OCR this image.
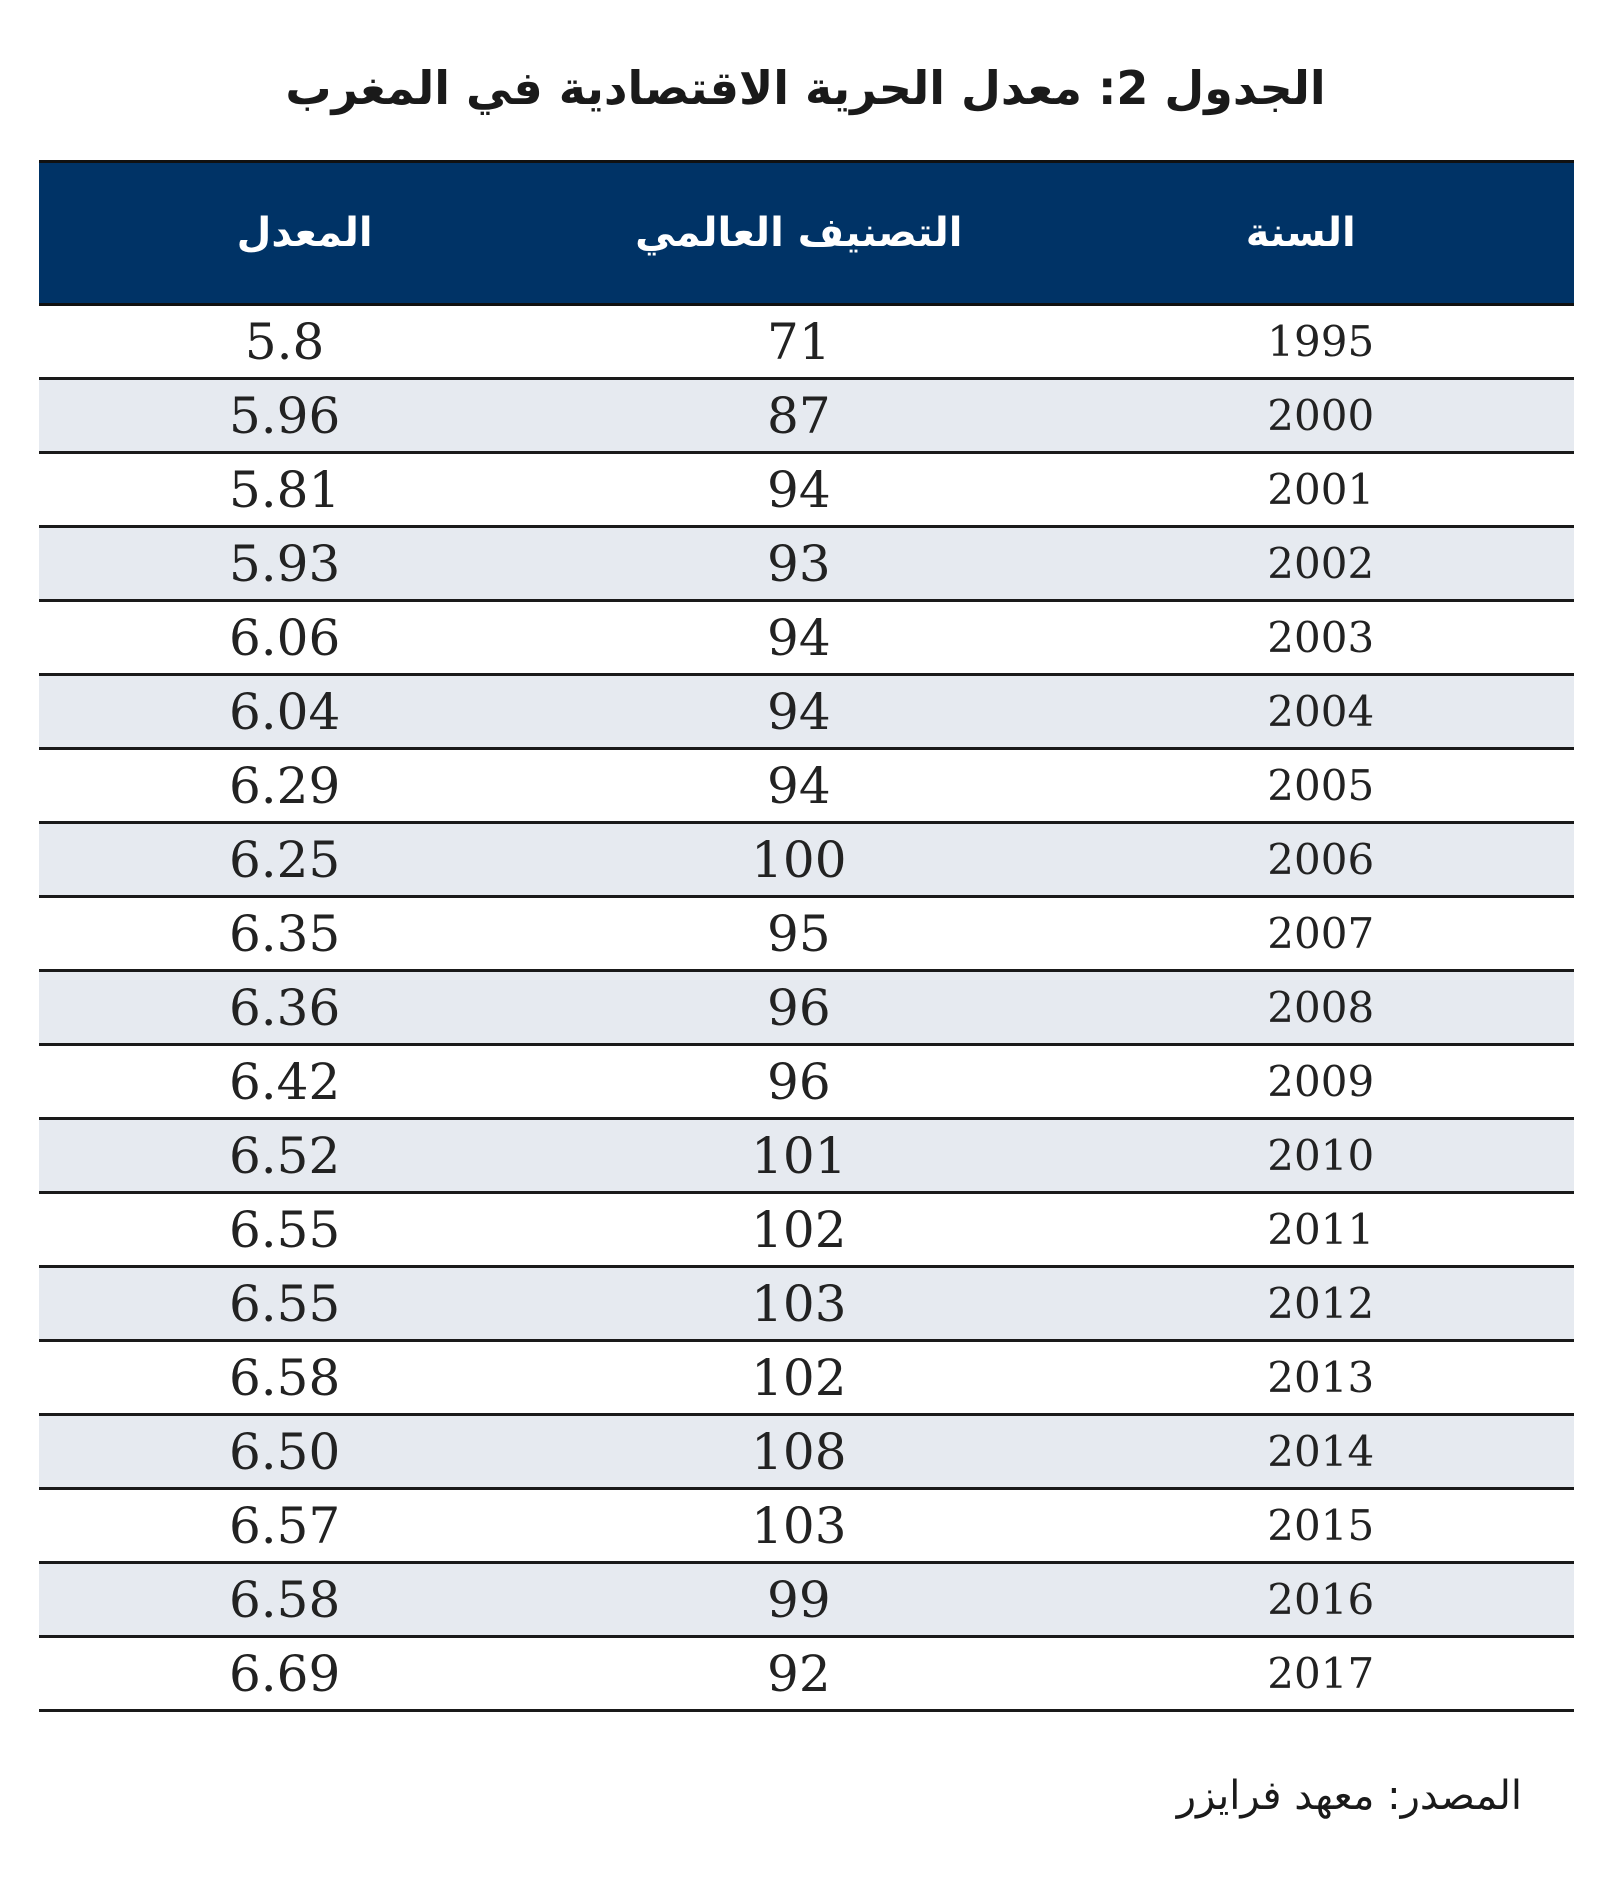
الجدول 2: معدل الحرية الاقتصادية في المغرب
السنة	التصنيف العالمي	المعدل
1995	71	5.8
2000	87	5.96
2001	94	5.81
2002	93	5.93
2003	94	6.06
2004	94	6.04
2005	94	6.29
2006	100	6.25
2007	95	6.35
2008	96	6.36
2009	96	6.42
2010	101	6.52
2011	102	6.55
2012	103	6.55
2013	102	6.58
2014	108	6.50
2015	103	6.57
2016	99	6.58
2017	92	6.69
المصدر: معهد فرايزر
